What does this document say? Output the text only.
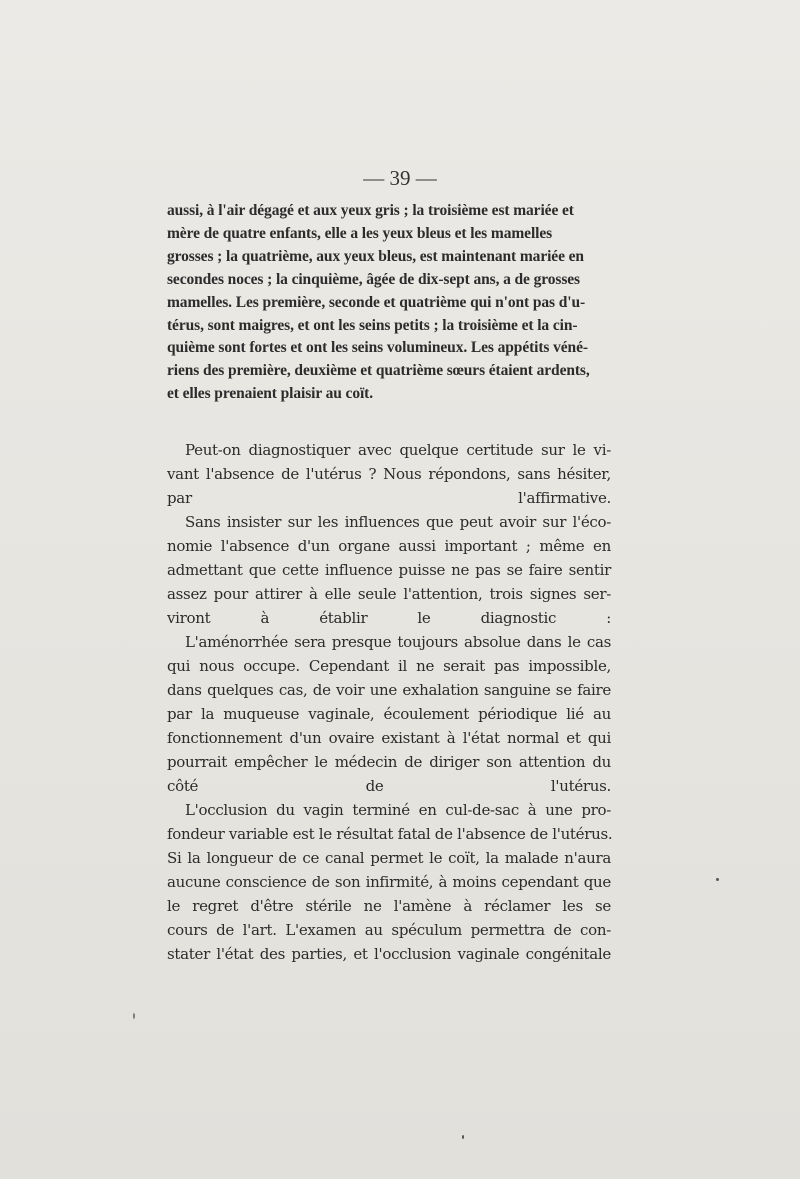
— 39 —
aussi, à l'air dégagé et aux yeux gris ; la troisième est mariée et
mère de quatre enfants, elle a les yeux bleus et les mamelles
grosses ; la quatrième, aux yeux bleus, est maintenant mariée en
secondes noces ; la cinquième, âgée de dix-sept ans, a de grosses
mamelles. Les première, seconde et quatrième qui n'ont pas d'u-
térus, sont maigres, et ont les seins petits ; la troisième et la cin-
quième sont fortes et ont les seins volumineux. Les appétits véné-
riens des première, deuxième et quatrième sœurs étaient ardents,
et elles prenaient plaisir au coït.
Peut-on diagnostiquer avec quelque certitude sur le vi-
vant l'absence de l'utérus ? Nous répondons, sans hésiter,
par l'affirmative.
Sans insister sur les influences que peut avoir sur l'éco-
nomie l'absence d'un organe aussi important ; même en
admettant que cette influence puisse ne pas se faire sentir
assez pour attirer à elle seule l'attention, trois signes ser-
viront à établir le diagnostic :
L'aménorrhée sera presque toujours absolue dans le cas
qui nous occupe. Cependant il ne serait pas impossible,
dans quelques cas, de voir une exhalation sanguine se faire
par la muqueuse vaginale, écoulement périodique lié au
fonctionnement d'un ovaire existant à l'état normal et qui
pourrait empêcher le médecin de diriger son attention du
côté de l'utérus.
L'occlusion du vagin terminé en cul-de-sac à une pro-
fondeur variable est le résultat fatal de l'absence de l'utérus.
Si la longueur de ce canal permet le coït, la malade n'aura
aucune conscience de son infirmité, à moins cependant que
le regret d'être stérile ne l'amène à réclamer les se
cours de l'art. L'examen au spéculum permettra de con-
stater l'état des parties, et l'occlusion vaginale congénitale
